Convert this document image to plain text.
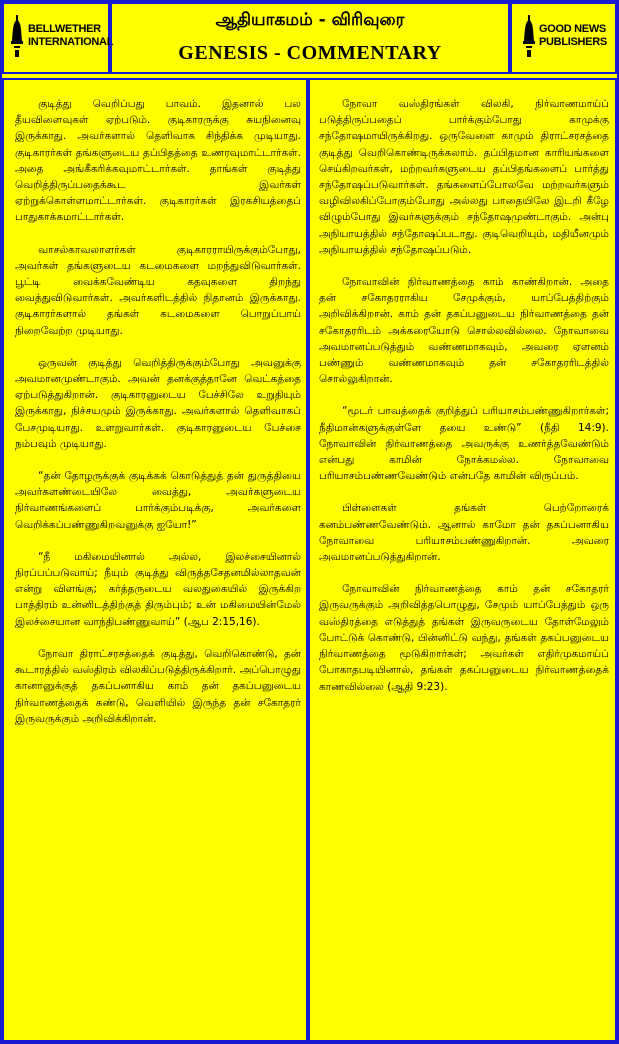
BELLWETHER
INTERNATIONAL
ஆதியாகமம் - விரிவுரை
GENESIS - COMMENTARY
GOOD NEWS
PUBLISHERS

குடித்து வெறிப்பது பாவம். இதனால் பல தீயவிளைவுகள் ஏற்படும். குடிகாரருக்கு சுயநினைவு இருக்காது. அவர்களால் தெளிவாக சிந்திக்க முடியாது. குடிகாரர்கள் தங்களுடைய தப்பிதத்தை உணரவுமாட்டார்கள். அதை அங்கீகரிக்கவுமாட்டார்கள். தாங்கள் குடித்து வெறித்திருப்பதைக்கூட இவர்கள் ஏற்றுக்கொள்ளமாட்டார்கள். குடிகாரர்கள் இரகசியத்தைப் பாதுகாக்கமாட்டார்கள்.

வாசல்காவலாளர்கள் குடிகாரராயிருக்கும்போது, அவர்கள் தங்களுடைய கடமைகளை மறந்துவிடுவார்கள். பூட்டி வைக்கவேண்டிய கதவுகளை திறந்து வைத்துவிடுவார்கள். அவர்களிடத்தில் நிதானம் இருக்காது. குடிகாரர்களால் தங்கள் கடமைகளை பொறுப்பாய் நிறைவேற்ற முடியாது.

ஒருவன் குடித்து வெறித்திருக்கும்போது அவனுக்கு அவமானமுண்டாகும். அவன் தனக்குத்தானே வெட்கத்தை ஏற்படுத்துகிறான். குடிகாரனுடைய பேச்சிலே உறுதியும் இருக்காது, நிச்சயமும் இருக்காது. அவர்களால் தெளிவாகப் பேசமுடியாது. உளறுவார்கள். குடிகாரனுடைய பேச்சை நம்பவும் முடியாது.

“தன் தோழருக்குக் குடிக்கக் கொடுத்துத் தன் துருத்தியை அவர்களண்டையிலே வைத்து, அவர்களுடைய நிர்வாணங்களைப் பார்க்கும்படிக்கு, அவர்களை வெறிக்கப்பண்ணுகிறவனுக்கு ஐயோ!”

“நீ மகிமையினால் அல்ல, இலச்சையினால் நிரப்பப்படுவாய்; நீயும் குடித்து விருத்தசேதனமில்லாதவன் என்று விளங்கு; கர்த்தருடைய வலதுகையில் இருக்கிற பாத்திரம் உன்னிடத்திற்குத் திரும்பும்; உன் மகிமையின்மேல் இலச்சையான வாந்திபண்ணுவாய்” (ஆப 2:15,16).

நோவா திராட்சரசத்தைக் குடித்து, வெறிகொண்டு, தன் கூடாரத்தில் வஸ்திரம் விலகிப்படுத்திருக்கிறார். அப்பொழுது கானானுக்குத் தகப்பனாகிய காம் தன் தகப்பனுடைய நிர்வாணத்தைக் கண்டு, வெளியில் இருந்த தன் சகோதரர் இருவருக்கும் அறிவிக்கிறான்.

நோவா வஸ்திரங்கள் விலகி, நிர்வாணமாய்ப் படுத்திருப்பதைப் பார்க்கும்போது காமுக்கு சந்தோஷமாயிருக்கிறது. ஒருவேளை காமும் திராட்சரசத்தை குடித்து வெறிகொண்டிருக்கலாம். தப்பிதமான காரியங்களை செய்கிறவர்கள், மற்றவர்களுடைய தப்பிதங்களைப் பார்த்து சந்தோஷப்படுவார்கள். தங்களைப்போலவே மற்றவர்களும் வழிவிலகிப்போகும்போது அல்லது பாதையிலே இடறி கீழே விழும்போது இவர்களுக்கும் சந்தோஷமுண்டாகும். அன்பு அநியாயத்தில் சந்தோஷப்படாது. குடிவெறியும், மதியீனமும் அநியாயத்தில் சந்தோஷப்படும்.

நோவாவின் நிர்வாணத்தை காம் காண்கிறான். அதை தன் சகோதரராகிய சேமுக்கும், யாப்பேத்திற்கும் அறிவிக்கிறான். காம் தன் தகப்பனுடைய நிர்வாணத்தை தன் சகோதரரிடம் அக்கரையோடு சொல்லவில்லை. நோவாவை அவமானப்படுத்தும் வண்ணமாகவும், அவரை ஏளனம் பண்ணும் வண்ணமாகவும் தன் சகோதரரிடத்தில் சொல்லுகிறான்.

“மூடர் பாவத்தைக் குறித்துப் பரியாசம்பண்ணுகிறார்கள்; நீதிமான்களுக்குள்ளே தயை உண்டு” (நீதி 14:9). நோவாவின் நிர்வாணத்தை அவருக்கு உணர்த்தவேண்டும் என்பது காமின் நோக்கமல்ல. நோவாவை பரியாசம்பண்ணவேண்டும் என்பதே காமின் விருப்பம்.

பிள்ளைகள் தங்கள் பெற்றோரைக் கனம்பண்ணவேண்டும். ஆனால் காமோ தன் தகப்பனாகிய நோவாவை பரியாசம்பண்ணுகிறான். அவரை அவமானப்படுத்துகிறான்.

நோவாவின் நிர்வாணத்தை காம் தன் சகோதரர் இருவருக்கும் அறிவித்தபொழுது, சேமும் யாப்பேத்தும் ஒரு வஸ்திரத்தை எடுத்துத் தங்கள் இருவருடைய தோள்மேலும் போட்டுக் கொண்டு, பின்னிட்டு வந்து, தங்கள் தகப்பனுடைய நிர்வாணத்தை மூடுகிறார்கள்; அவர்கள் எதிர்முகமாய்ப் போகாதபடியினால், தங்கள் தகப்பனுடைய நிர்வாணத்தைக் காணவில்லை (ஆதி 9:23).
